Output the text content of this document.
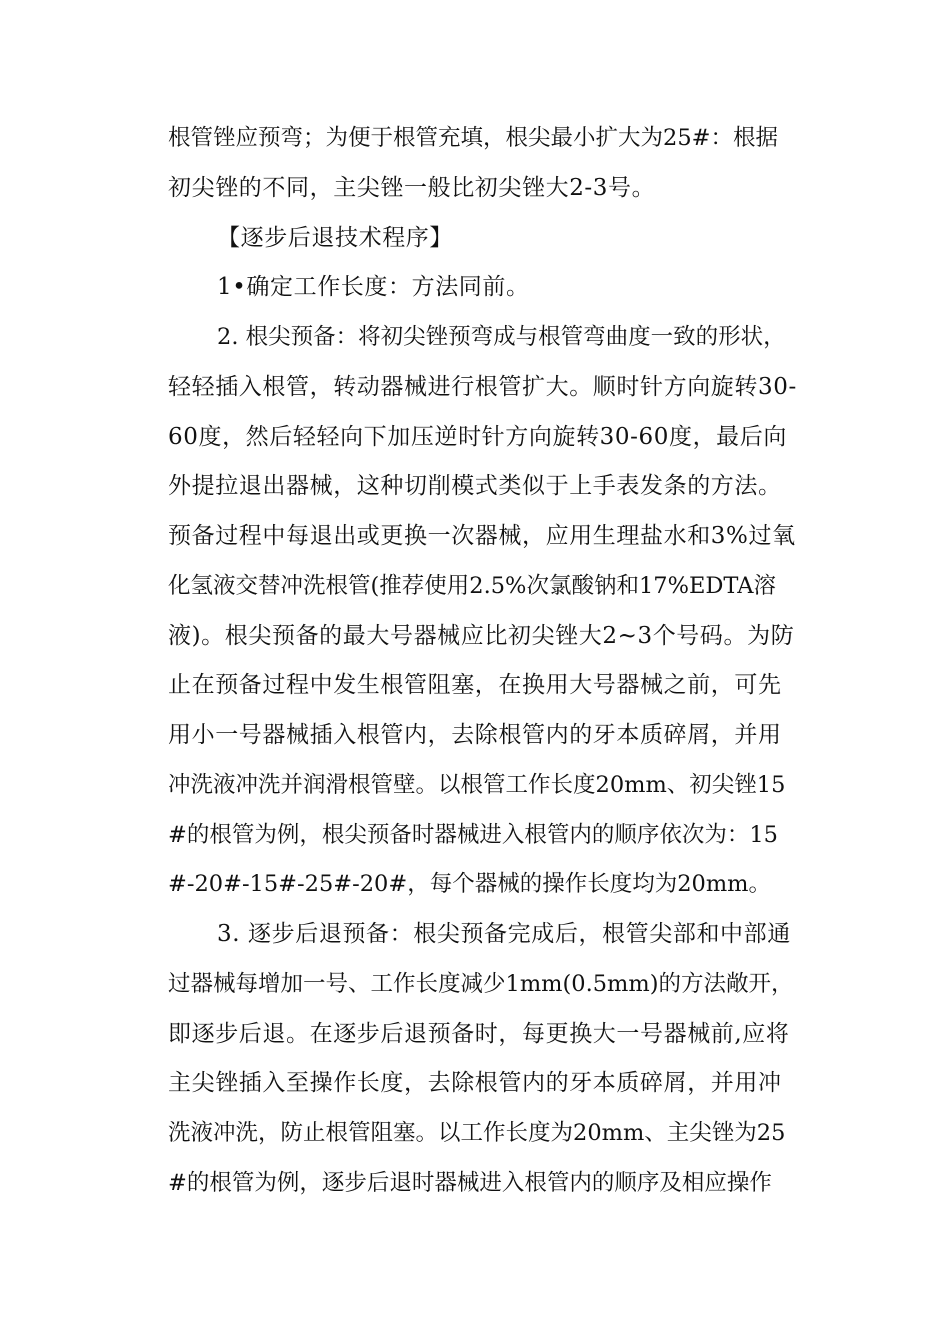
根管锉应预弯；为便于根管充填，根尖最小扩大为25#：根据
初尖锉的不同，主尖锉一般比初尖锉大2-3号。
【逐步后退技术程序】
1•确定工作长度：方法同前。
2. 根尖预备：将初尖锉预弯成与根管弯曲度一致的形状，
轻轻插入根管，转动器械进行根管扩大。顺时针方向旋转30-
60度，然后轻轻向下加压逆时针方向旋转30-60度，最后向
外提拉退出器械，这种切削模式类似于上手表发条的方法。
预备过程中每退出或更换一次器械，应用生理盐水和3%过氧
化氢液交替冲洗根管(推荐使用2.5%次氯酸钠和17%EDTA溶
液)。根尖预备的最大号器械应比初尖锉大2~3个号码。为防
止在预备过程中发生根管阻塞，在换用大号器械之前，可先
用小一号器械插入根管内，去除根管内的牙本质碎屑，并用
冲洗液冲洗并润滑根管壁。以根管工作长度20mm、初尖锉15
#的根管为例，根尖预备时器械进入根管内的顺序依次为：15
#-20#-15#-25#-20#，每个器械的操作长度均为20mm。
3. 逐步后退预备：根尖预备完成后，根管尖部和中部通
过器械每增加一号、工作长度减少1mm(0.5mm)的方法敞开，
即逐步后退。在逐步后退预备时，每更换大一号器械前,应将
主尖锉插入至操作长度，去除根管内的牙本质碎屑，并用冲
洗液冲洗，防止根管阻塞。以工作长度为20mm、主尖锉为25
#的根管为例，逐步后退时器械进入根管内的顺序及相应操作
